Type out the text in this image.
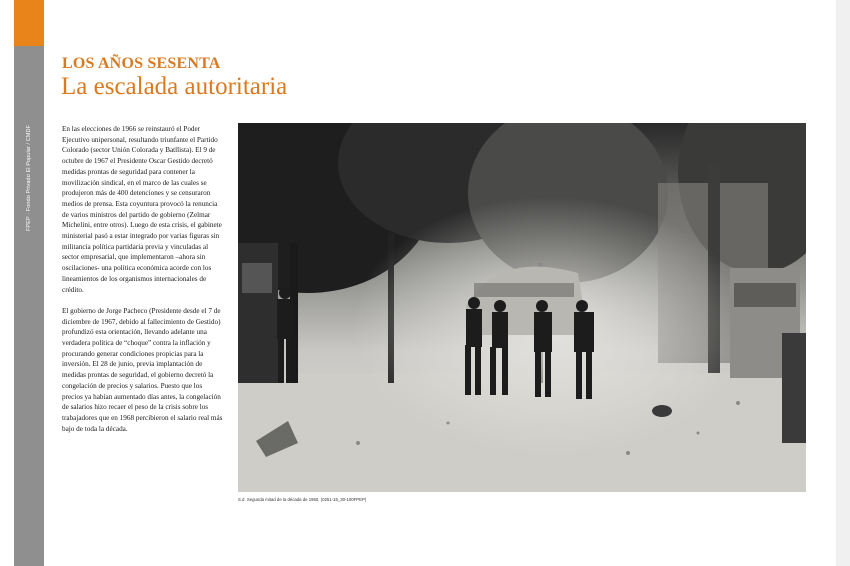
FPEP · Fondo Privado El Popular / CMDF
LOS AÑOS SESENTA
La escalada autoritaria

En las elecciones de 1966 se reinstauró el Poder Ejecutivo unipersonal, resultando triunfante el Partido Colorado (sector Unión Colorada y Batllista). El 9 de octubre de 1967 el Presidente Oscar Gestido decretó medidas prontas de seguridad para contener la movilización sindical, en el marco de las cuales se produjeron más de 400 detenciones y se censuraron medios de prensa. Esta coyuntura provocó la renuncia de varios ministros del partido de gobierno (Zelmar Michelini, entre otros). Luego de esta crisis, el gabinete ministerial pasó a estar integrado por varias figuras sin militancia política partidaria previa y vinculadas al sector empresarial, que implementaron –ahora sin oscilaciones- una política económica acorde con los lineamientos de los organismos internacionales de crédito.

El gobierno de Jorge Pacheco (Presidente desde el 7 de diciembre de 1967, debido al fallecimiento de Gestido) profundizó esta orientación, llevando adelante una verdadera política de “choque” contra la inflación y procurando generar condiciones propicias para la inversión. El 28 de junio, previa implantación de medidas prontas de seguridad, el gobierno decretó la congelación de precios y salarios. Puesto que los precios ya habían aumentado días antes, la congelación de salarios hizo recaer el peso de la crisis sobre los trabajadores que en 1968 percibieron el salario real más bajo de toda la década.

S.d. Segunda mitad de la década de 1960. (0251-15_30-100FPEP)
